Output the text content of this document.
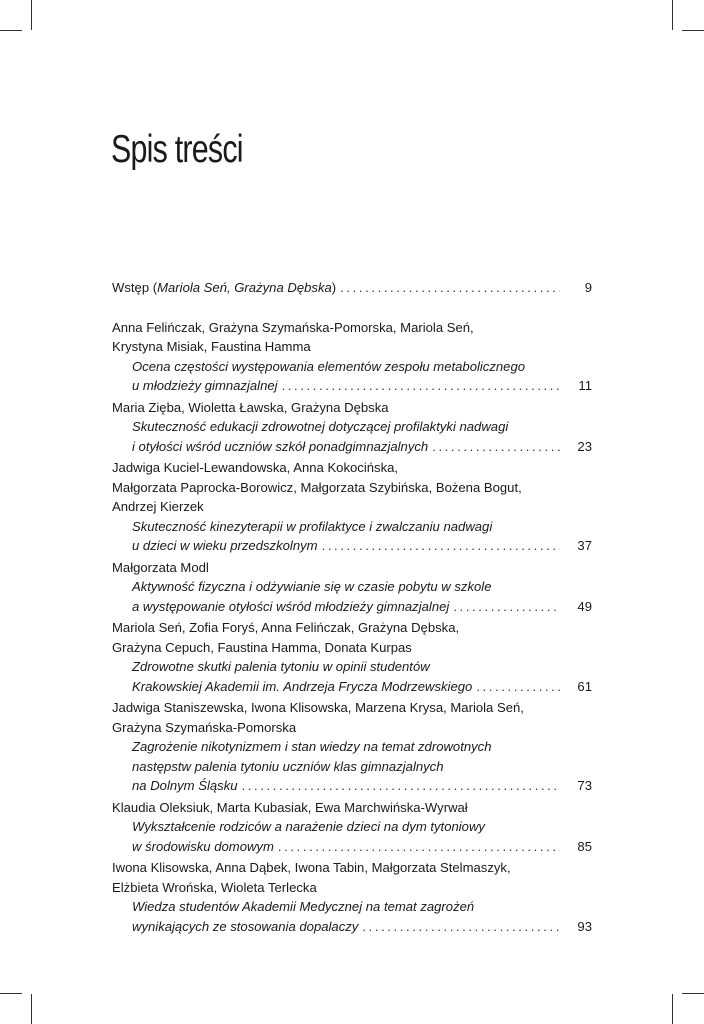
Spis treści
Wstęp (Mariola Seń, Grażyna Dębska) .....	9
Anna Felińczak, Grażyna Szymańska-Pomorska, Mariola Seń,
Krystyna Misiak, Faustina Hamma
Ocena częstości występowania elementów zespołu metabolicznego
u młodzieży gimnazjalnej .....	11
Maria Zięba, Wioletta Ławska, Grażyna Dębska
Skuteczność edukacji zdrowotnej dotyczącej profilaktyki nadwagi
i otyłości wśród uczniów szkół ponadgimnazjalnych .....	23
Jadwiga Kuciel-Lewandowska, Anna Kokocińska,
Małgorzata Paprocka-Borowicz, Małgorzata Szybińska, Bożena Bogut,
Andrzej Kierzek
Skuteczność kinezyterapii w profilaktyce i zwalczaniu nadwagi
u dzieci w wieku przedszkolnym .....	37
Małgorzata Modl
Aktywność fizyczna i odżywianie się w czasie pobytu w szkole
a występowanie otyłości wśród młodzieży gimnazjalnej .....	49
Mariola Seń, Zofia Foryś, Anna Felińczak, Grażyna Dębska,
Grażyna Cepuch, Faustina Hamma, Donata Kurpas
Zdrowotne skutki palenia tytoniu w opinii studentów
Krakowskiej Akademii im. Andrzeja Frycza Modrzewskiego .....	61
Jadwiga Staniszewska, Iwona Klisowska, Marzena Krysa, Mariola Seń,
Grażyna Szymańska-Pomorska
Zagrożenie nikotynizmem i stan wiedzy na temat zdrowotnych
następstw palenia tytoniu uczniów klas gimnazjalnych
na Dolnym Śląsku .....	73
Klaudia Oleksiuk, Marta Kubasiak, Ewa Marchwińska-Wyrwał
Wykształcenie rodziców a narażenie dzieci na dym tytoniowy
w środowisku domowym .....	85
Iwona Klisowska, Anna Dąbek, Iwona Tabin, Małgorzata Stelmaszyk,
Elżbieta Wrońska, Wioleta Terlecka
Wiedza studentów Akademii Medycznej na temat zagrożeń
wynikających ze stosowania dopalaczy .....	93
